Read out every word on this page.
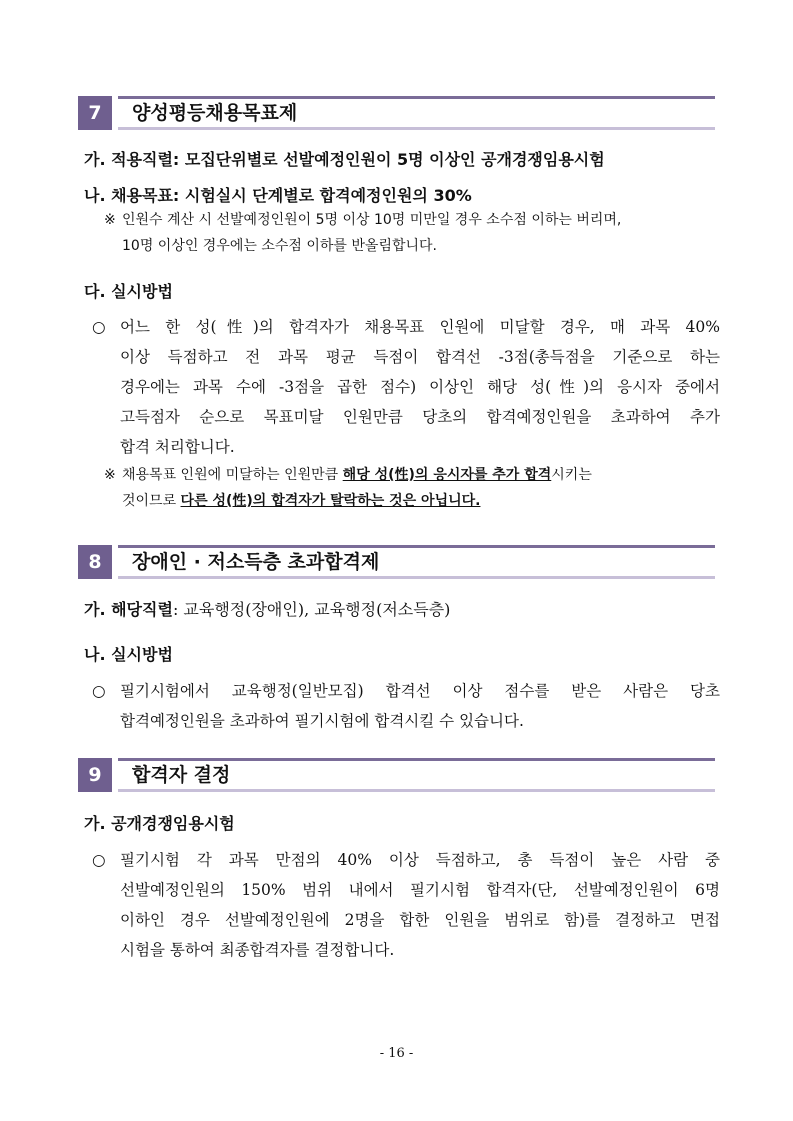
7	양성평등채용목표제
가. 적용직렬: 모집단위별로 선발예정인원이 5명 이상인 공개경쟁임용시험
나. 채용목표: 시험실시 단계별로 합격예정인원의 30%
※ 인원수 계산 시 선발예정인원이 5명 이상 10명 미만일 경우 소수점 이하는 버리며,
10명 이상인 경우에는 소수점 이하를 반올림합니다.
다. 실시방법
○ 어느 한 성(性)의 합격자가 채용목표 인원에 미달할 경우, 매 과목 40%
이상 득점하고 전 과목 평균 득점이 합격선 -3점(총득점을 기준으로 하는
경우에는 과목 수에 -3점을 곱한 점수) 이상인 해당 성(性)의 응시자 중에서
고득점자 순으로 목표미달 인원만큼 당초의 합격예정인원을 초과하여 추가
합격 처리합니다.
※ 채용목표 인원에 미달하는 인원만큼 해당 성(性)의 응시자를 추가 합격시키는
것이므로 다른 성(性)의 합격자가 탈락하는 것은 아닙니다.
8	장애인 · 저소득층 초과합격제
가. 해당직렬: 교육행정(장애인), 교육행정(저소득층)
나. 실시방법
○ 필기시험에서 교육행정(일반모집) 합격선 이상 점수를 받은 사람은 당초
합격예정인원을 초과하여 필기시험에 합격시킬 수 있습니다.
9	합격자 결정
가. 공개경쟁임용시험
○ 필기시험 각 과목 만점의 40% 이상 득점하고, 총 득점이 높은 사람 중
선발예정인원의 150% 범위 내에서 필기시험 합격자(단, 선발예정인원이 6명
이하인 경우 선발예정인원에 2명을 합한 인원을 범위로 함)를 결정하고 면접
시험을 통하여 최종합격자를 결정합니다.
- 16 -
